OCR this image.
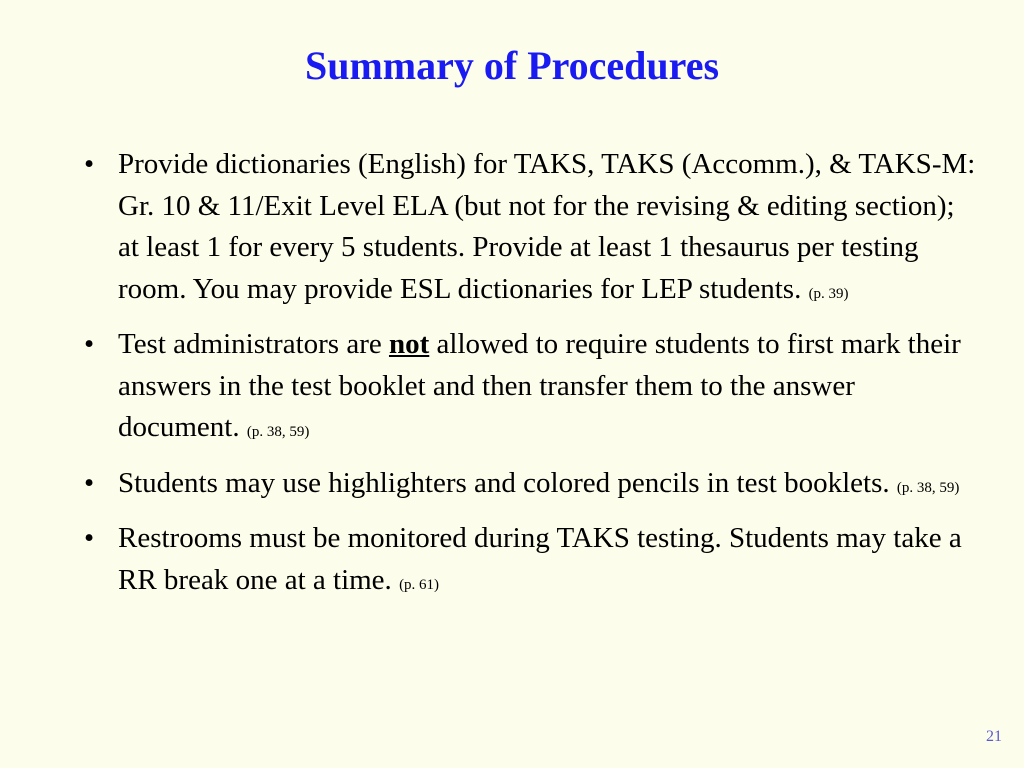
Summary of Procedures
• Provide dictionaries (English) for TAKS, TAKS (Accomm.), & TAKS-M: Gr. 10 & 11/Exit Level ELA (but not for the revising & editing section); at least 1 for every 5 students. Provide at least 1 thesaurus per testing room. You may provide ESL dictionaries for LEP students. (p. 39)
• Test administrators are not allowed to require students to first mark their answers in the test booklet and then transfer them to the answer document. (p. 38, 59)
• Students may use highlighters and colored pencils in test booklets. (p. 38, 59)
• Restrooms must be monitored during TAKS testing. Students may take a RR break one at a time. (p. 61)
21
